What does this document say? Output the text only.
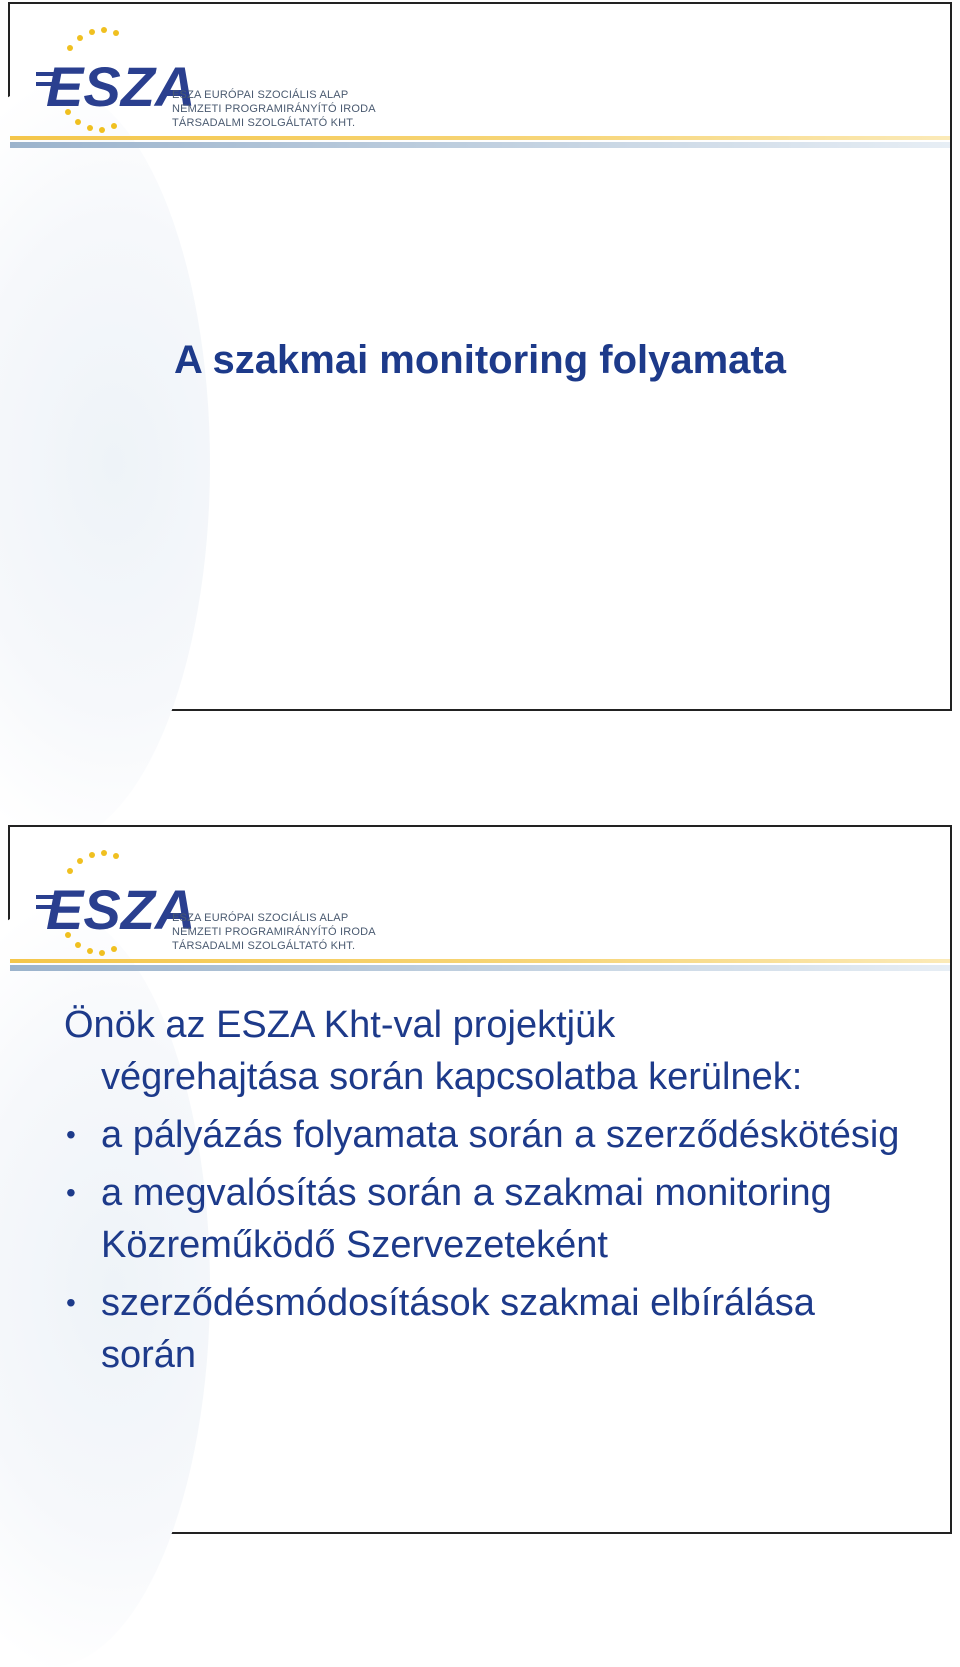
ESZA
ESZA EURÓPAI SZOCIÁLIS ALAP
NEMZETI PROGRAMIRÁNYÍTÓ IRODA
TÁRSADALMI SZOLGÁLTATÓ KHT.
A szakmai monitoring folyamata
ESZA
ESZA EURÓPAI SZOCIÁLIS ALAP
NEMZETI PROGRAMIRÁNYÍTÓ IRODA
TÁRSADALMI SZOLGÁLTATÓ KHT.
Önök az ESZA Kht-val projektjük
végrehajtása során kapcsolatba kerülnek:
• a pályázás folyamata során a szerződéskötésig
• a megvalósítás során a szakmai monitoring Közreműködő Szervezeteként
• szerződésmódosítások szakmai elbírálása során
